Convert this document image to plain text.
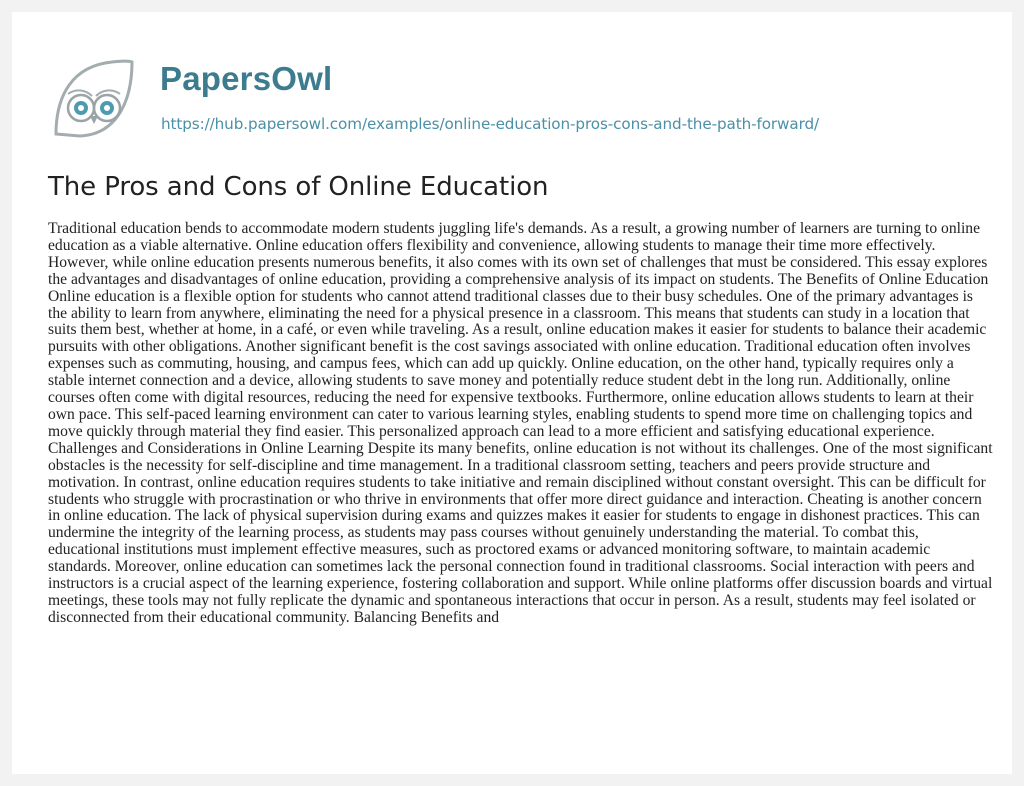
PapersOwl
https://hub.papersowl.com/examples/online-education-pros-cons-and-the-path-forward/
The Pros and Cons of Online Education

Traditional education bends to accommodate modern students juggling life's demands. As a result, a growing number of learners are turning to online education as a viable alternative. Online education offers flexibility and convenience, allowing students to manage their time more effectively. However, while online education presents numerous benefits, it also comes with its own set of challenges that must be considered. This essay explores the advantages and disadvantages of online education, providing a comprehensive analysis of its impact on students. The Benefits of Online Education Online education is a flexible option for students who cannot attend traditional classes due to their busy schedules. One of the primary advantages is the ability to learn from anywhere, eliminating the need for a physical presence in a classroom. This means that students can study in a location that suits them best, whether at home, in a café, or even while traveling. As a result, online education makes it easier for students to balance their academic pursuits with other obligations. Another significant benefit is the cost savings associated with online education. Traditional education often involves expenses such as commuting, housing, and campus fees, which can add up quickly. Online education, on the other hand, typically requires only a stable internet connection and a device, allowing students to save money and potentially reduce student debt in the long run. Additionally, online courses often come with digital resources, reducing the need for expensive textbooks. Furthermore, online education allows students to learn at their own pace. This self-paced learning environment can cater to various learning styles, enabling students to spend more time on challenging topics and move quickly through material they find easier. This personalized approach can lead to a more efficient and satisfying educational experience. Challenges and Considerations in Online Learning Despite its many benefits, online education is not without its challenges. One of the most significant obstacles is the necessity for self-discipline and time management. In a traditional classroom setting, teachers and peers provide structure and motivation. In contrast, online education requires students to take initiative and remain disciplined without constant oversight. This can be difficult for students who struggle with procrastination or who thrive in environments that offer more direct guidance and interaction. Cheating is another concern in online education. The lack of physical supervision during exams and quizzes makes it easier for students to engage in dishonest practices. This can undermine the integrity of the learning process, as students may pass courses without genuinely understanding the material. To combat this, educational institutions must implement effective measures, such as proctored exams or advanced monitoring software, to maintain academic standards. Moreover, online education can sometimes lack the personal connection found in traditional classrooms. Social interaction with peers and instructors is a crucial aspect of the learning experience, fostering collaboration and support. While online platforms offer discussion boards and virtual meetings, these tools may not fully replicate the dynamic and spontaneous interactions that occur in person. As a result, students may feel isolated or disconnected from their educational community. Balancing Benefits and
